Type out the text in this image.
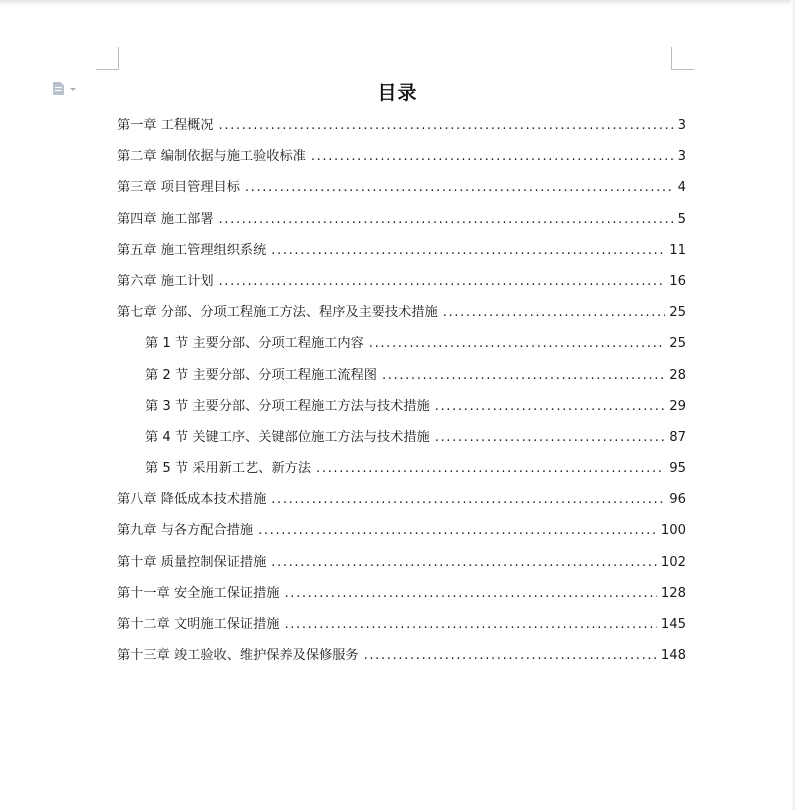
目录
第一章 工程概况 .....	3
第二章 编制依据与施工验收标准 .....	3
第三章 项目管理目标 .....	4
第四章 施工部署 .....	5
第五章 施工管理组织系统 .....	11
第六章 施工计划 .....	16
第七章 分部、分项工程施工方法、程序及主要技术措施 .....	25
第 1 节 主要分部、分项工程施工内容 .....	25
第 2 节 主要分部、分项工程施工流程图 .....	28
第 3 节 主要分部、分项工程施工方法与技术措施 .....	29
第 4 节 关键工序、关键部位施工方法与技术措施 .....	87
第 5 节 采用新工艺、新方法 .....	95
第八章 降低成本技术措施 .....	96
第九章 与各方配合措施 .....	100
第十章 质量控制保证措施 .....	102
第十一章 安全施工保证措施 .....	128
第十二章 文明施工保证措施 .....	145
第十三章 竣工验收、维护保养及保修服务 .....	148
